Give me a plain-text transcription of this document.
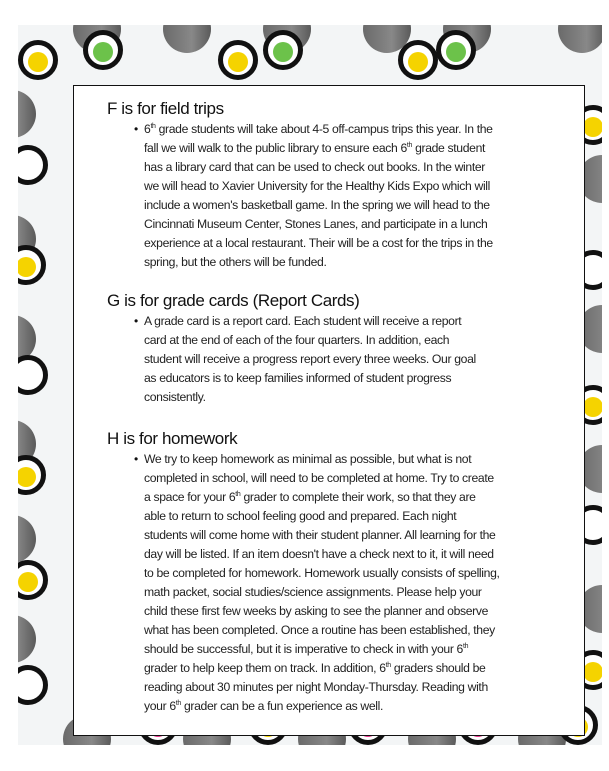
F is for field trips
• 6th grade students will take about 4-5 off-campus trips this year. In the
fall we will walk to the public library to ensure each 6th grade student
has a library card that can be used to check out books. In the winter
we will head to Xavier University for the Healthy Kids Expo which will
include a women's basketball game. In the spring we will head to the
Cincinnati Museum Center, Stones Lanes, and participate in a lunch
experience at a local restaurant. Their will be a cost for the trips in the
spring, but the others will be funded.
G is for grade cards (Report Cards)
• A grade card is a report card. Each student will receive a report
card at the end of each of the four quarters. In addition, each
student will receive a progress report every three weeks. Our goal
as educators is to keep families informed of student progress
consistently.
H is for homework
• We try to keep homework as minimal as possible, but what is not
completed in school, will need to be completed at home. Try to create
a space for your 6th grader to complete their work, so that they are
able to return to school feeling good and prepared. Each night
students will come home with their student planner. All learning for the
day will be listed. If an item doesn't have a check next to it, it will need
to be completed for homework. Homework usually consists of spelling,
math packet, social studies/science assignments. Please help your
child these first few weeks by asking to see the planner and observe
what has been completed. Once a routine has been established, they
should be successful, but it is imperative to check in with your 6th
grader to help keep them on track. In addition, 6th graders should be
reading about 30 minutes per night Monday-Thursday. Reading with
your 6th grader can be a fun experience as well.
